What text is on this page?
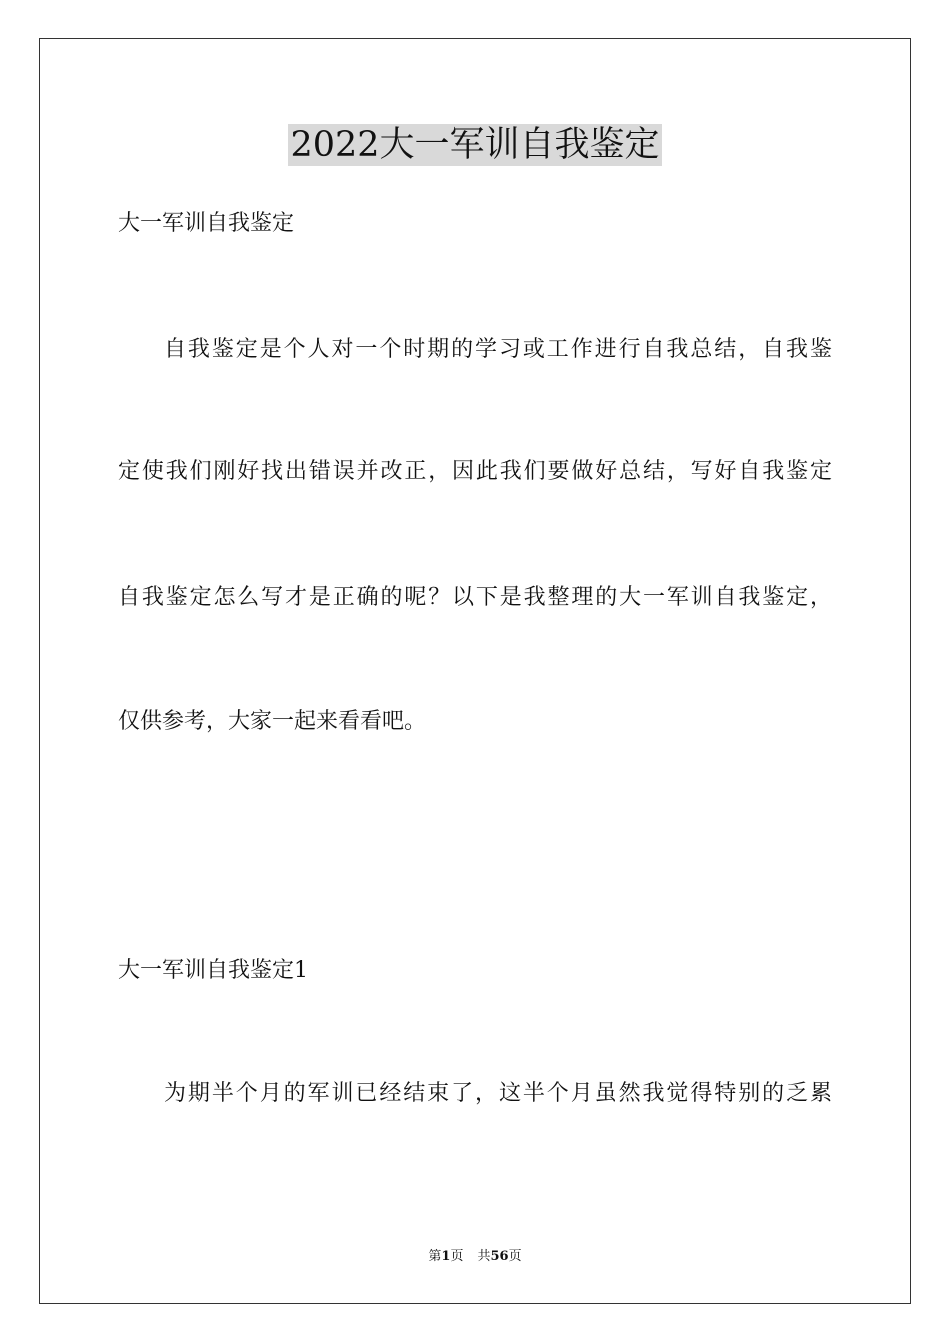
2022大一军训自我鉴定
大一军训自我鉴定
自我鉴定是个人对一个时期的学习或工作进行自我总结，自我鉴
定使我们刚好找出错误并改正，因此我们要做好总结，写好自我鉴定
自我鉴定怎么写才是正确的呢？以下是我整理的大一军训自我鉴定，
仅供参考，大家一起来看看吧。
大一军训自我鉴定1
为期半个月的军训已经结束了，这半个月虽然我觉得特别的乏累
第1页 共56页
